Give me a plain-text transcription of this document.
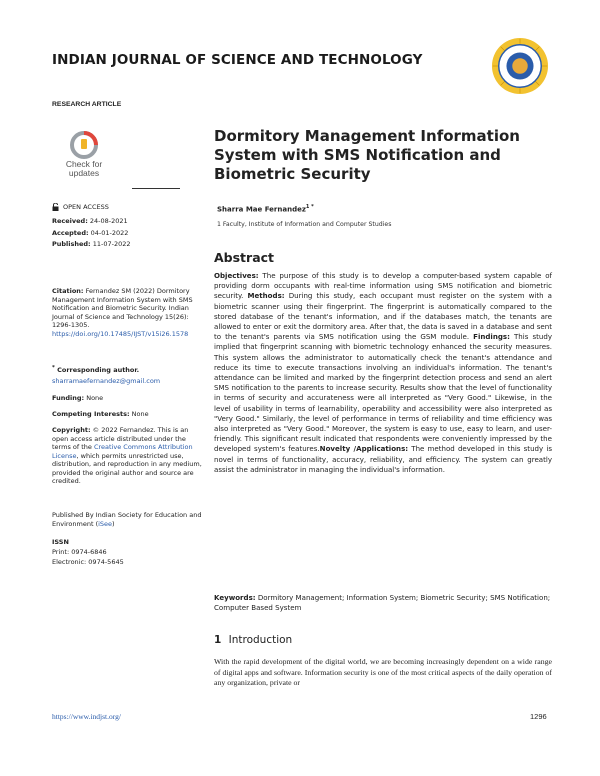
INDIAN JOURNAL OF SCIENCE AND TECHNOLOGY
RESEARCH ARTICLE
Check for updates
OPEN ACCESS
Received: 24-08-2021
Accepted: 04-01-2022
Published: 11-07-2022
Citation: Fernandez SM (2022) Dormitory Management Information System with SMS Notification and Biometric Security. Indian Journal of Science and Technology 15(26): 1296-1305. https://doi.org/10.17485/IJST/v15i26.1578
* Corresponding author.
sharramaefernandez@gmail.com
Funding: None
Competing Interests: None
Copyright: © 2022 Fernandez. This is an open access article distributed under the terms of the Creative Commons Attribution License, which permits unrestricted use, distribution, and reproduction in any medium, provided the original author and source are credited.
Published By Indian Society for Education and Environment (iSee)
ISSN
Print: 0974-6846
Electronic: 0974-5645
Dormitory Management Information System with SMS Notification and Biometric Security
Sharra Mae Fernandez$^{1 *}$
1 Faculty, Institute of Information and Computer Studies
Abstract
Objectives: The purpose of this study is to develop a computer-based system capable of providing dorm occupants with real-time information using SMS notification and biometric security. Methods: During this study, each occupant must register on the system with a biometric scanner using their fingerprint. The fingerprint is automatically compared to the stored database of the tenant's information, and if the databases match, the tenants are allowed to enter or exit the dormitory area. After that, the data is saved in a database and sent to the tenant's parents via SMS notification using the GSM module. Findings: This study implied that fingerprint scanning with biometric technology enhanced the security measures. This system allows the administrator to automatically check the tenant's attendance and reduce its time to execute transactions involving an individual's information. The tenant's attendance can be limited and marked by the fingerprint detection process and send an alert SMS notification to the parents to increase security. Results show that the level of functionality in terms of security and accurateness were all interpreted as "Very Good." Likewise, in the level of usability in terms of learnability, operability and accessibility were also interpreted as "Very Good." Similarly, the level of performance in terms of reliability and time efficiency was also interpreted as "Very Good." Moreover, the system is easy to use, easy to learn, and user-friendly. This significant result indicated that respondents were conveniently impressed by the developed system's features.Novelty /Applications: The method developed in this study is novel in terms of functionality, accuracy, reliability, and efficiency. The system can greatly assist the administrator in managing the individual's information.
Keywords: Dormitory Management; Information System; Biometric Security; SMS Notification; Computer Based System
1 Introduction

With the rapid development of the digital world, we are becoming increasingly dependent on a wide range of digital apps and software. Information security is one of the most critical aspects of the daily operation of any organization, private or

https://www.indjst.org/	1296
